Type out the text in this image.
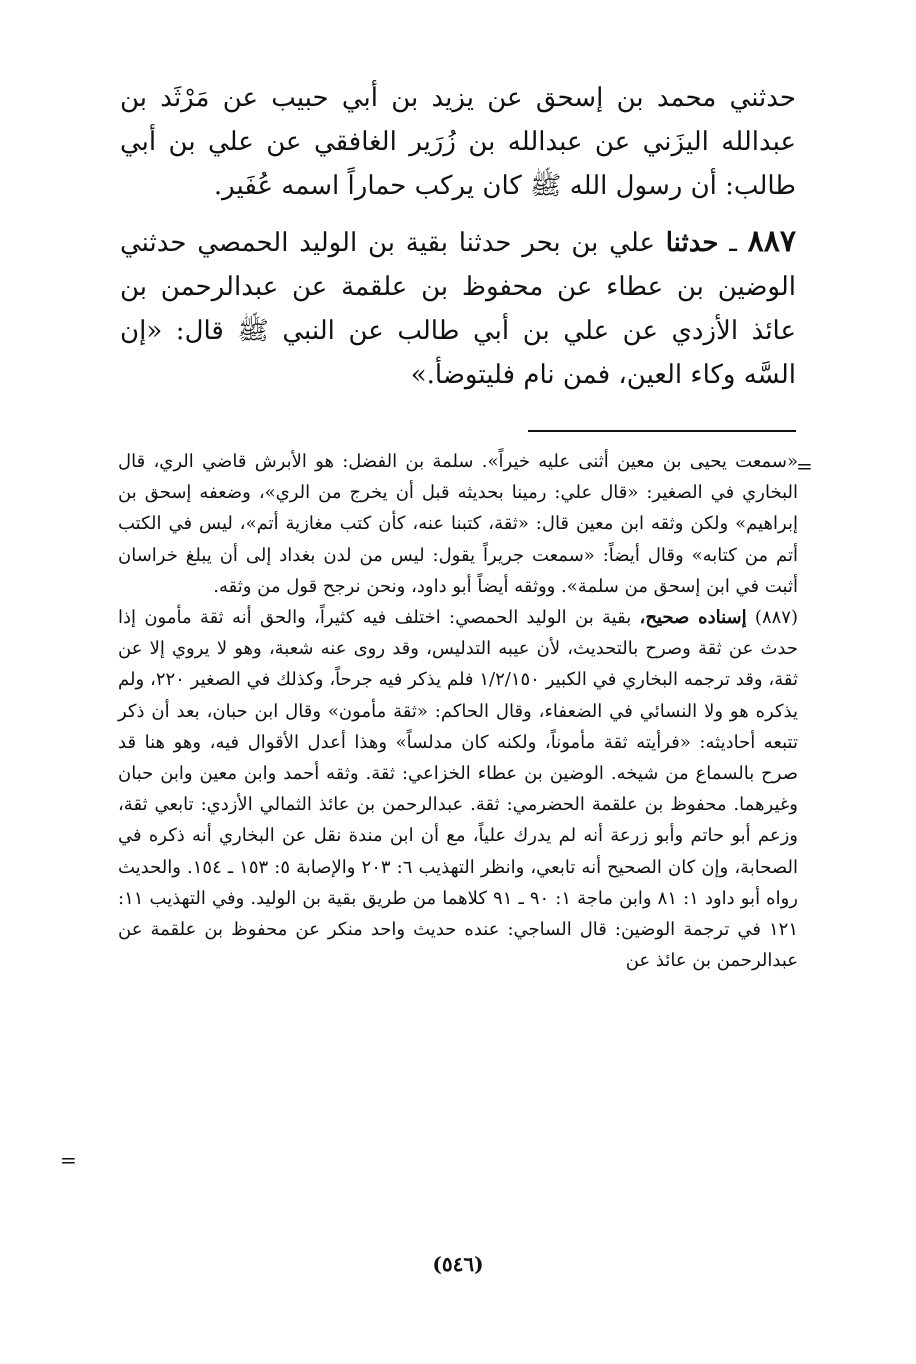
حدثني محمد بن إسحق عن يزيد بن أبي حبيب عن مَرْثَد بن عبدالله اليزَني عن عبدالله بن زُرَير الغافقي عن علي بن أبي طالب: أن رسول الله ﷺ كان يركب حماراً اسمه عُفَير.

٨٨٧ ـ حدثنا علي بن بحر حدثنا بقية بن الوليد الحمصي حدثني الوضين بن عطاء عن محفوظ بن علقمة عن عبدالرحمن بن عائذ الأزدي عن علي بن أبي طالب عن النبي ﷺ قال: «إن السَّه وكاء العين، فمن نام فليتوضأ.»

=

«سمعت يحيى بن معين أثنى عليه خيراً». سلمة بن الفضل: هو الأبرش قاضي الري، قال البخاري في الصغير: «قال علي: رمينا بحديثه قبل أن يخرج من الري»، وضعفه إسحق بن إبراهيم» ولكن وثقه ابن معين قال: «ثقة، كتبنا عنه، كأن كتب مغازية أتم»، ليس في الكتب أتم من كتابه» وقال أيضاً: «سمعت جريراً يقول: ليس من لدن بغداد إلى أن يبلغ خراسان أثبت في ابن إسحق من سلمة». ووثقه أيضاً أبو داود، ونحن نرجح قول من وثقه.

(٨٨٧) إسناده صحيح، بقية بن الوليد الحمصي: اختلف فيه كثيراً، والحق أنه ثقة مأمون إذا حدث عن ثقة وصرح بالتحديث، لأن عيبه التدليس، وقد روى عنه شعبة، وهو لا يروي إلا عن ثقة، وقد ترجمه البخاري في الكبير ١/٢/١٥٠ فلم يذكر فيه جرحاً، وكذلك في الصغير ٢٢٠، ولم يذكره هو ولا النسائي في الضعفاء، وقال الحاكم: «ثقة مأمون» وقال ابن حبان، بعد أن ذكر تتبعه أحاديثه: «فرأيته ثقة مأموناً، ولكنه كان مدلساً» وهذا أعدل الأقوال فيه، وهو هنا قد صرح بالسماع من شيخه. الوضين بن عطاء الخزاعي: ثقة. وثقه أحمد وابن معين وابن حبان وغيرهما. محفوظ بن علقمة الحضرمي: ثقة. عبدالرحمن بن عائذ الثمالي الأزدي: تابعي ثقة، وزعم أبو حاتم وأبو زرعة أنه لم يدرك علياً، مع أن ابن مندة نقل عن البخاري أنه ذكره في الصحابة، وإن كان الصحيح أنه تابعي، وانظر التهذيب ٦: ٢٠٣ والإصابة ٥: ١٥٣ ـ ١٥٤. والحديث رواه أبو داود ١: ٨١ وابن ماجة ١: ٩٠ ـ ٩١ كلاهما من طريق بقية بن الوليد. وفي التهذيب ١١: ١٢١ في ترجمة الوضين: قال الساجي: عنده حديث واحد منكر عن محفوظ بن علقمة عن عبدالرحمن بن عائذ عن

=
(٥٤٦)
